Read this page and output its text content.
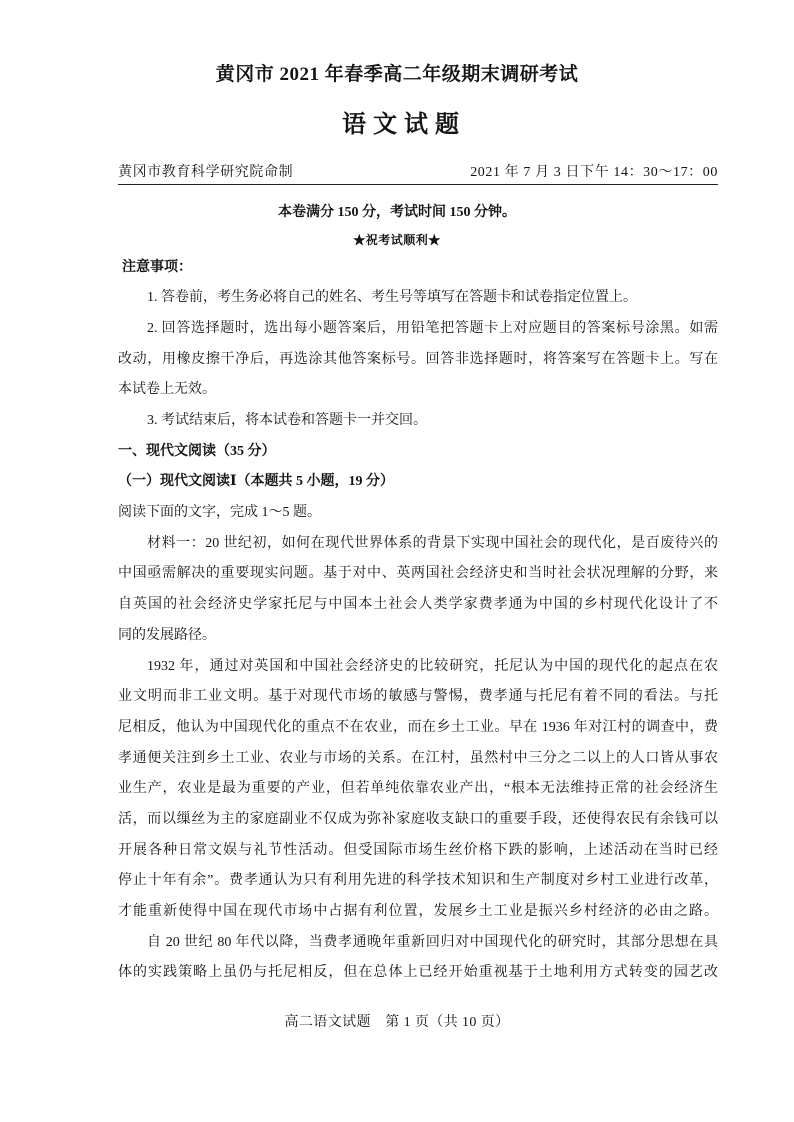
黄冈市 2021 年春季高二年级期末调研考试
语文试题
黄冈市教育科学研究院命制	2021 年 7 月 3 日下午 14：30～17：00
本卷满分 150 分，考试时间 150 分钟。
★祝考试顺利★
注意事项：
1. 答卷前，考生务必将自己的姓名、考生号等填写在答题卡和试卷指定位置上。
2. 回答选择题时，选出每小题答案后，用铅笔把答题卡上对应题目的答案标号涂黑。如需
改动，用橡皮擦干净后，再选涂其他答案标号。回答非选择题时，将答案写在答题卡上。写在
本试卷上无效。
3. 考试结束后，将本试卷和答题卡一并交回。
一、现代文阅读（35 分）
（一）现代文阅读Ⅰ（本题共 5 小题，19 分）
阅读下面的文字，完成 1～5 题。
材料一：20 世纪初，如何在现代世界体系的背景下实现中国社会的现代化，是百废待兴的
中国亟需解决的重要现实问题。基于对中、英两国社会经济史和当时社会状况理解的分野，来
自英国的社会经济史学家托尼与中国本土社会人类学家费孝通为中国的乡村现代化设计了不
同的发展路径。
1932 年，通过对英国和中国社会经济史的比较研究，托尼认为中国的现代化的起点在农
业文明而非工业文明。基于对现代市场的敏感与警惕，费孝通与托尼有着不同的看法。与托
尼相反，他认为中国现代化的重点不在农业，而在乡土工业。早在 1936 年对江村的调查中，费
孝通便关注到乡土工业、农业与市场的关系。在江村，虽然村中三分之二以上的人口皆从事农
业生产，农业是最为重要的产业，但若单纯依靠农业产出，“根本无法维持正常的社会经济生
活，而以缫丝为主的家庭副业不仅成为弥补家庭收支缺口的重要手段，还使得农民有余钱可以
开展各种日常文娱与礼节性活动。但受国际市场生丝价格下跌的影响，上述活动在当时已经
停止十年有余”。费孝通认为只有利用先进的科学技术知识和生产制度对乡村工业进行改革，
才能重新使得中国在现代市场中占据有利位置，发展乡土工业是振兴乡村经济的必由之路。
自 20 世纪 80 年代以降，当费孝通晚年重新回归对中国现代化的研究时，其部分思想在具
体的实践策略上虽仍与托尼相反，但在总体上已经开始重视基于土地利用方式转变的园艺改
高二语文试题　第 1 页（共 10 页）
